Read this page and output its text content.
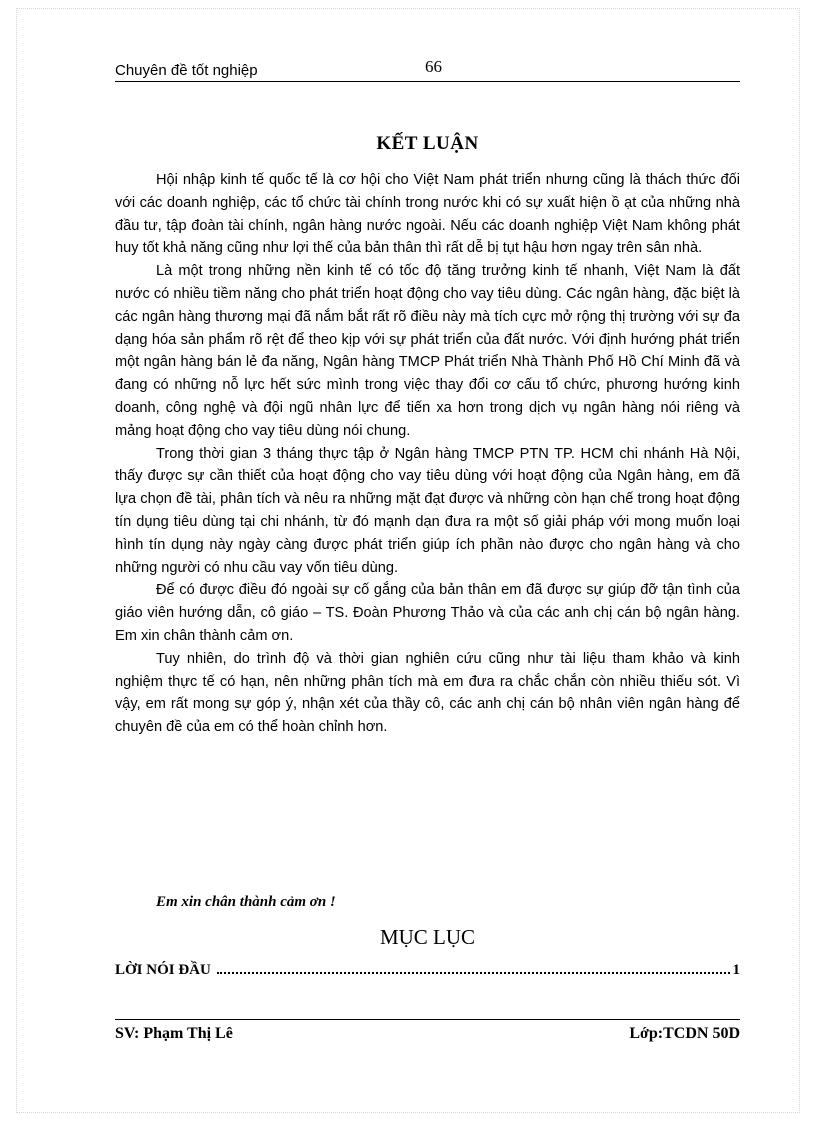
Chuyên đề tốt nghiệp	66
KẾT LUẬN

Hội nhập kinh tế quốc tế là cơ hội cho Việt Nam phát triển nhưng cũng là thách thức đối với các doanh nghiệp, các tổ chức tài chính trong nước khi có sự xuất hiện ồ ạt của những nhà đầu tư, tập đoàn tài chính, ngân hàng nước ngoài. Nếu các doanh nghiệp Việt Nam không phát huy tốt khả năng cũng như lợi thế của bản thân thì rất dễ bị tụt hậu hơn ngay trên sân nhà.

Là một trong những nền kinh tế có tốc độ tăng trưởng kinh tế nhanh, Việt Nam là đất nước có nhiều tiềm năng cho phát triển hoạt động cho vay tiêu dùng. Các ngân hàng, đặc biệt là các ngân hàng thương mại đã nắm bắt rất rõ điều này mà tích cực mở rộng thị trường với sự đa dạng hóa sản phẩm rõ rệt để theo kịp với sự phát triển của đất nước. Với định hướng phát triển một ngân hàng bán lẻ đa năng, Ngân hàng TMCP Phát triển Nhà Thành Phố Hồ Chí Minh đã và đang có những nỗ lực hết sức mình trong việc thay đổi cơ cấu tổ chức, phương hướng kinh doanh, công nghệ và đội ngũ nhân lực để tiến xa hơn trong dịch vụ ngân hàng nói riêng và mảng hoạt động cho vay tiêu dùng nói chung.

Trong thời gian 3 tháng thực tập ở Ngân hàng TMCP PTN TP. HCM chi nhánh Hà Nội, thấy được sự cần thiết của hoạt động cho vay tiêu dùng với hoạt động của Ngân hàng, em đã lựa chọn đề tài, phân tích và nêu ra những mặt đạt được và những còn hạn chế trong hoạt động tín dụng tiêu dùng tại chi nhánh, từ đó mạnh dạn đưa ra một số giải pháp với mong muốn loại hình tín dụng này ngày càng được phát triển giúp ích phần nào được cho ngân hàng và cho những người có nhu cầu vay vốn tiêu dùng.

Để có được điều đó ngoài sự cố gắng của bản thân em đã được sự giúp đỡ tận tình của giáo viên hướng dẫn, cô giáo – TS. Đoàn Phương Thảo và của các anh chị cán bộ ngân hàng. Em xin chân thành cảm ơn.

Tuy nhiên, do trình độ và thời gian nghiên cứu cũng như tài liệu tham khảo và kinh nghiệm thực tế có hạn, nên những phân tích mà em đưa ra chắc chắn còn nhiều thiếu sót. Vì vậy, em rất mong sự góp ý, nhận xét của thầy cô, các anh chị cán bộ nhân viên ngân hàng để chuyên đề của em có thể hoàn chỉnh hơn.

Em xin chân thành cảm ơn !
MỤC LỤC
LỜI NÓI ĐẦU	1
SV: Phạm Thị Lê	Lớp:TCDN 50D
